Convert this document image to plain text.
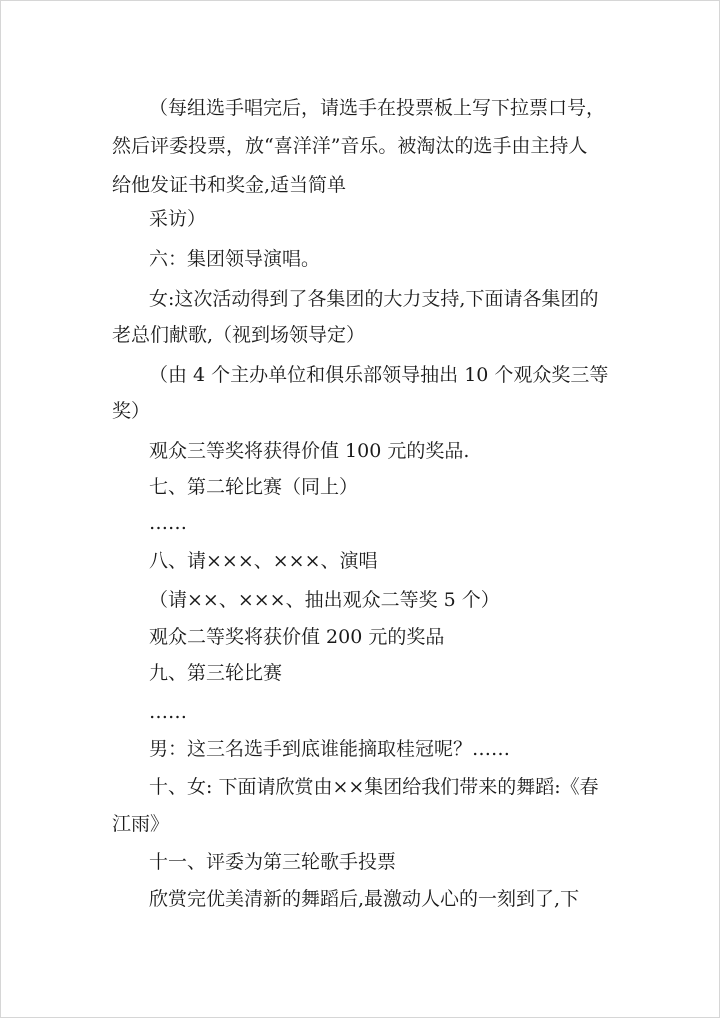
（每组选手唱完后，请选手在投票板上写下拉票口号，
然后评委投票，放“喜洋洋”音乐。被淘汰的选手由主持人
给他发证书和奖金,适当简单
采访）
六：集团领导演唱。
女:这次活动得到了各集团的大力支持,下面请各集团的
老总们献歌,（视到场领导定）
（由 4 个主办单位和俱乐部领导抽出 10 个观众奖三等
奖）
观众三等奖将获得价值 100 元的奖品.
七、第二轮比赛（同上）
……
八、请×××、×××、演唱
（请××、×××、抽出观众二等奖 5 个）
观众二等奖将获价值 200 元的奖品
九、第三轮比赛
……
男：这三名选手到底谁能摘取桂冠呢？……
十、女: 下面请欣赏由××集团给我们带来的舞蹈:《春
江雨》
十一、评委为第三轮歌手投票
欣赏完优美清新的舞蹈后,最激动人心的一刻到了,下
